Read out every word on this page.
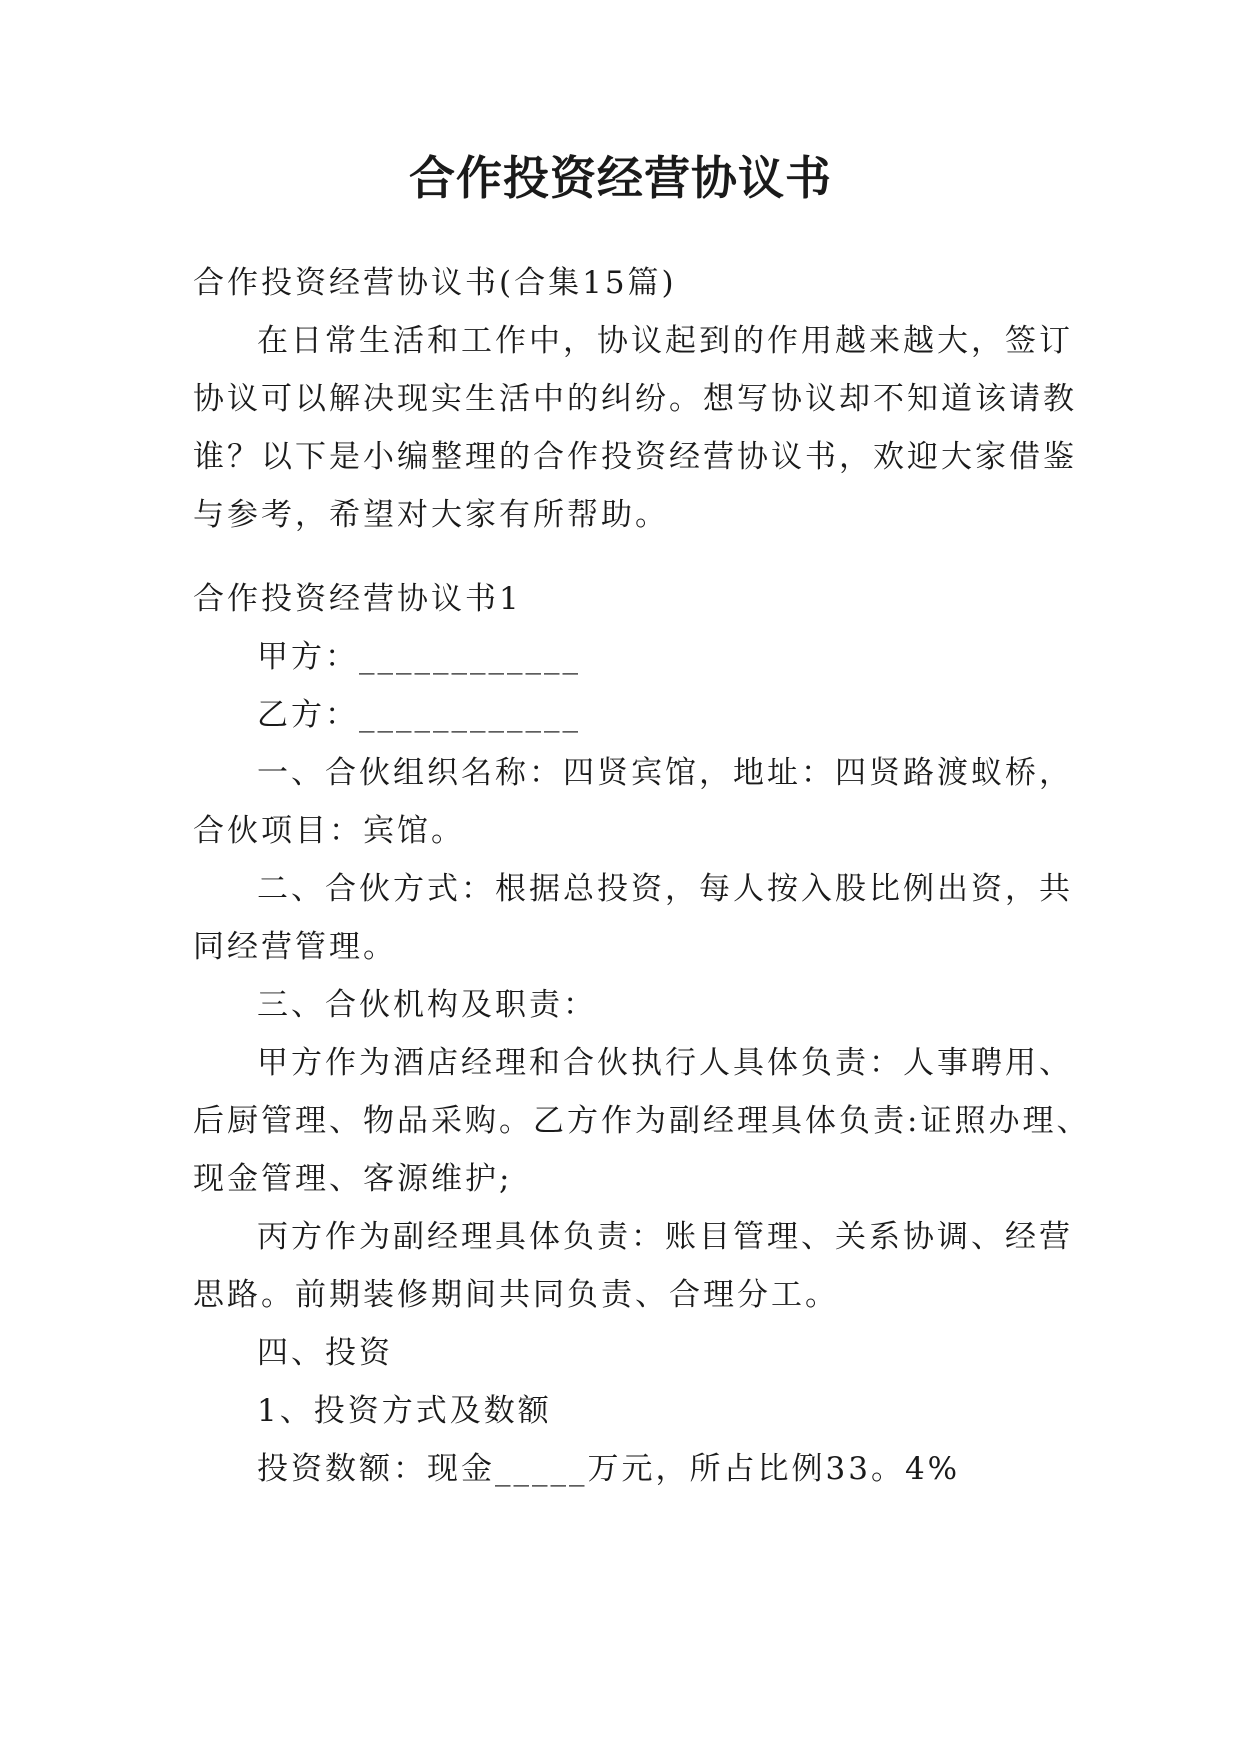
合作投资经营协议书
合作投资经营协议书(合集15篇)
在日常生活和工作中，协议起到的作用越来越大，签订
协议可以解决现实生活中的纠纷。想写协议却不知道该请教
谁？以下是小编整理的合作投资经营协议书，欢迎大家借鉴
与参考，希望对大家有所帮助。
合作投资经营协议书1
甲方：____________
乙方：____________
一、合伙组织名称：四贤宾馆，地址：四贤路渡蚁桥，
合伙项目：宾馆。
二、合伙方式：根据总投资，每人按入股比例出资，共
同经营管理。
三、合伙机构及职责：
甲方作为酒店经理和合伙执行人具体负责：人事聘用、
后厨管理、物品采购。乙方作为副经理具体负责:证照办理、
现金管理、客源维护;
丙方作为副经理具体负责：账目管理、关系协调、经营
思路。前期装修期间共同负责、合理分工。
四、投资
1、投资方式及数额
投资数额：现金_____万元，所占比例33。4%
